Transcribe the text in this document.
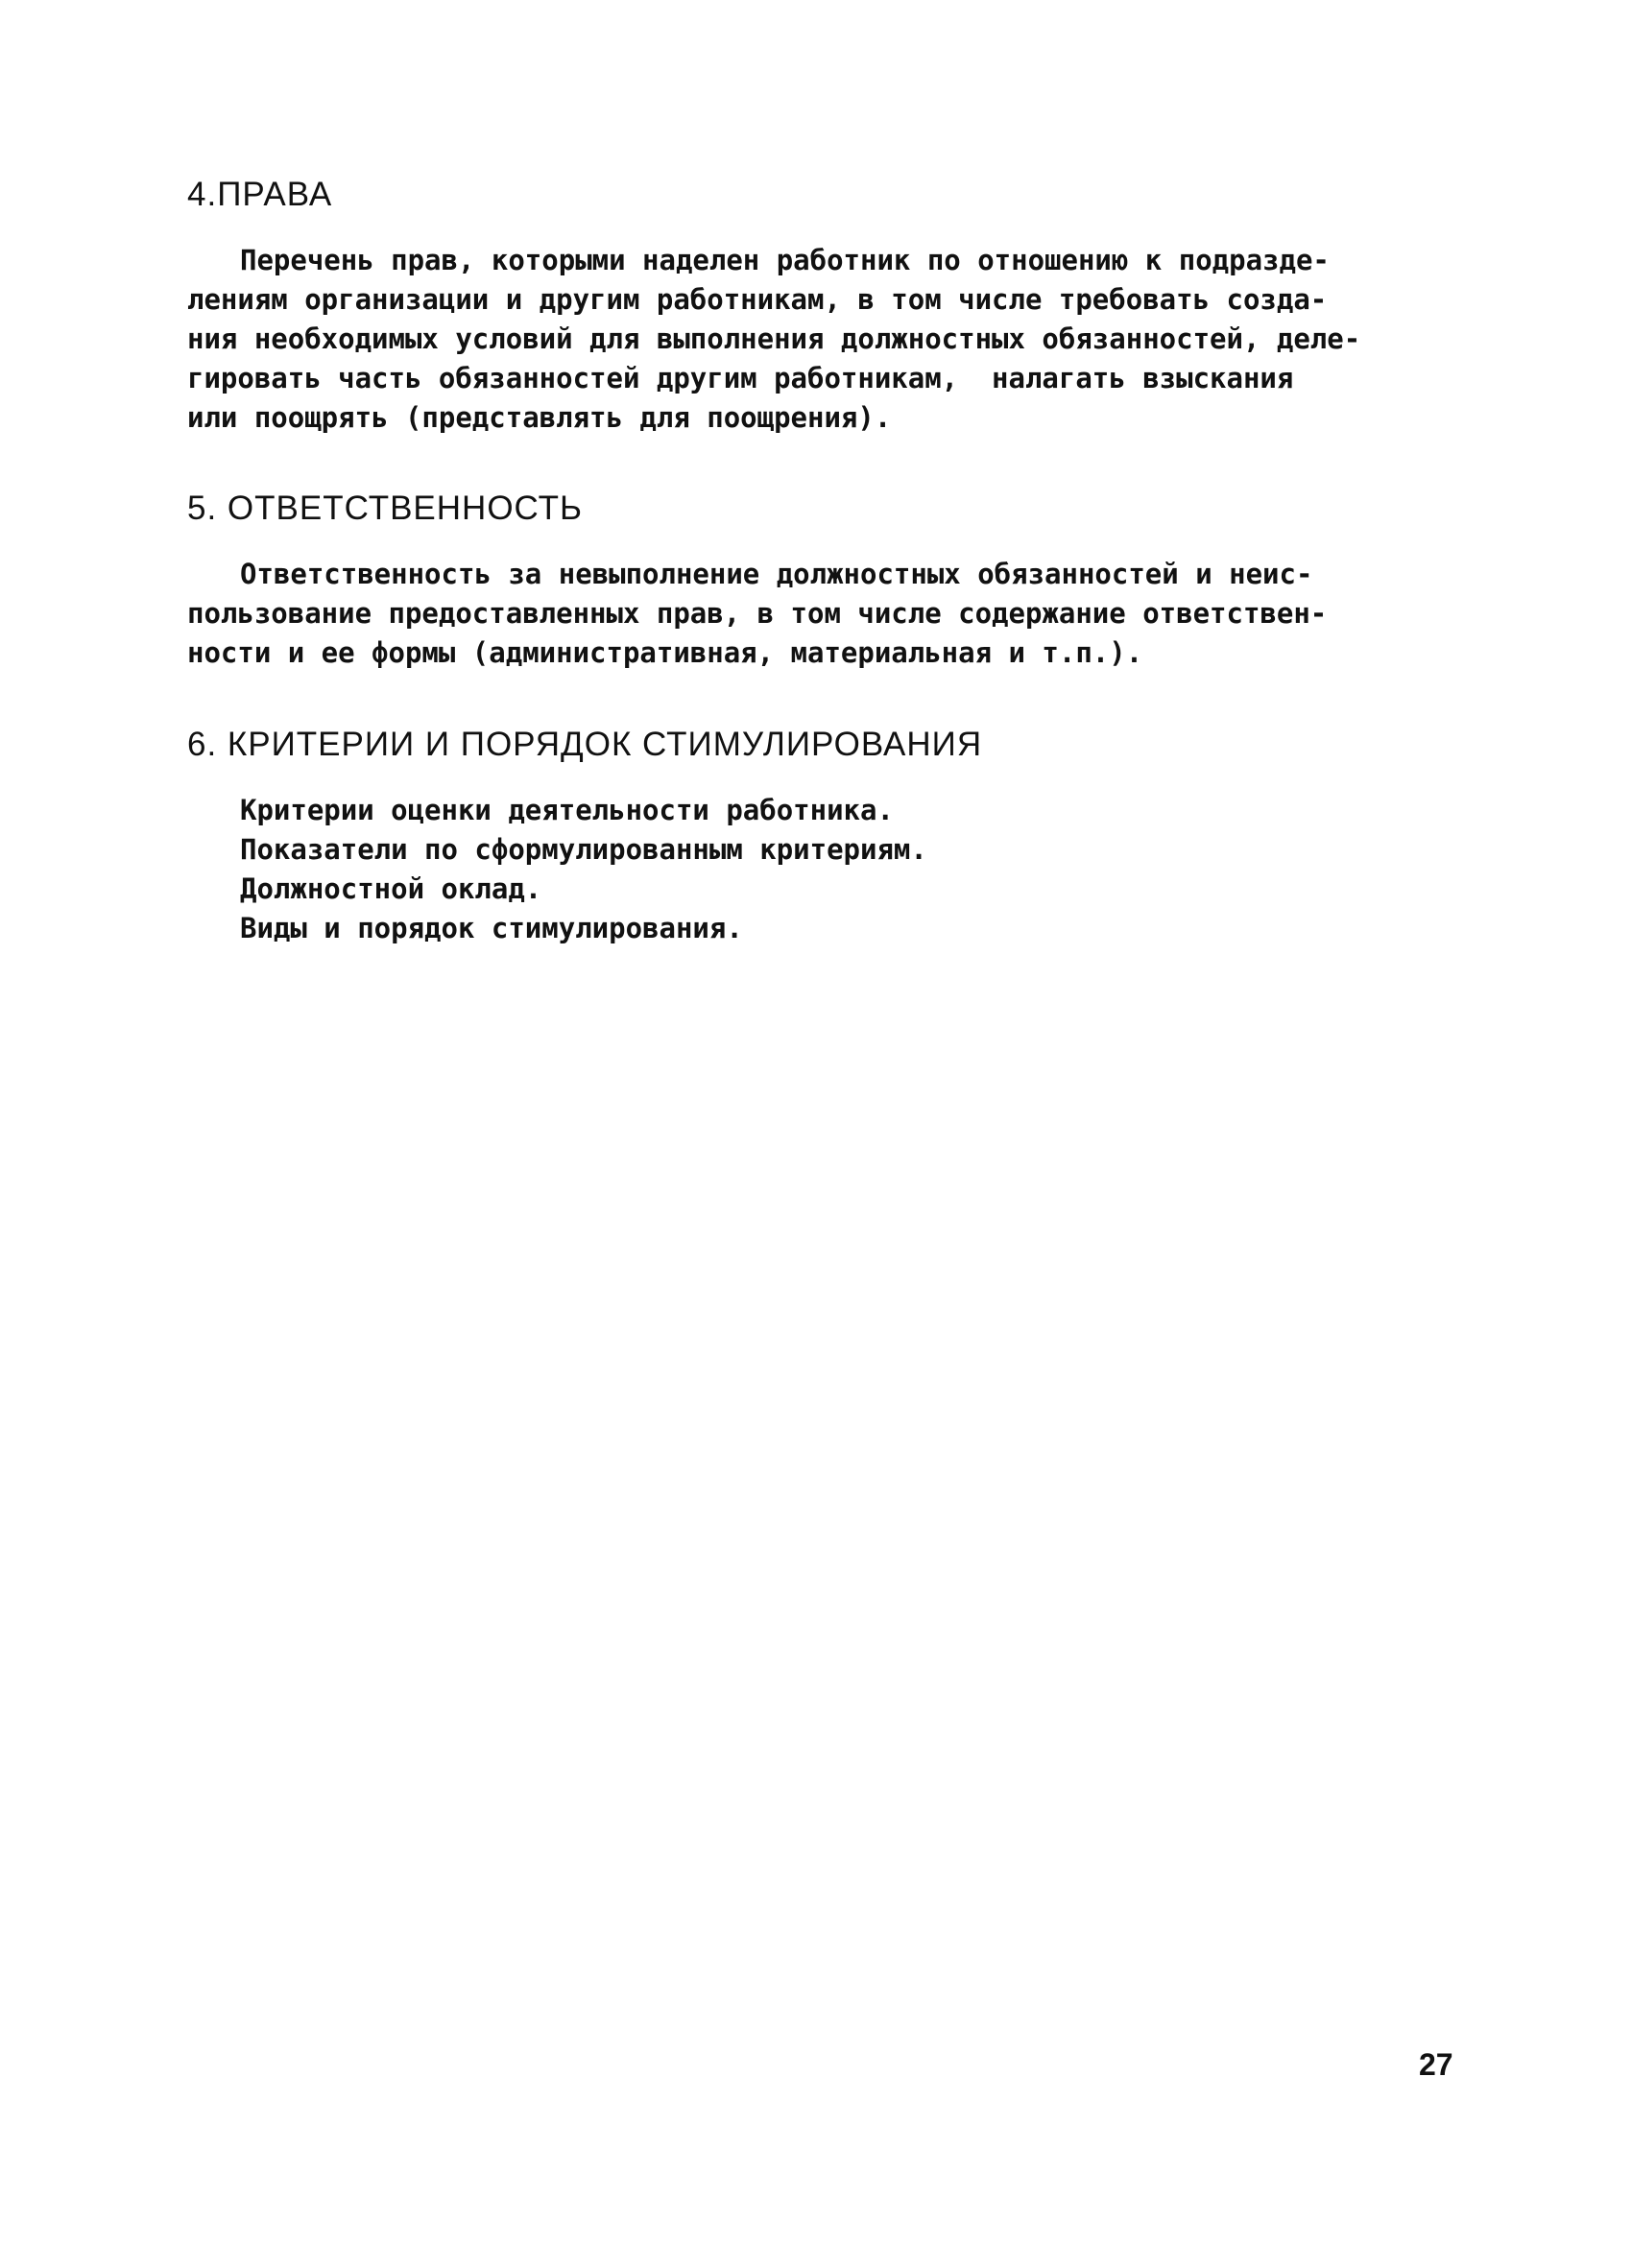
4.ПРАВА

Перечень прав, которыми наделен работник по отношению к подразде-

лениям организации и другим работникам, в том числе требовать созда-

ния необходимых условий для выполнения должностных обязанностей, деле-

гировать часть обязанностей другим работникам,  налагать взыскания

или поощрять (представлять для поощрения).

5. ОТВЕТСТВЕННОСТЬ

Ответственность за невыполнение должностных обязанностей и неис-

пользование предоставленных прав, в том числе содержание ответствен-

ности и ее формы (административная, материальная и т.п.).

6. КРИТЕРИИ И ПОРЯДОК СТИМУЛИРОВАНИЯ

Критерии оценки деятельности работника.

Показатели по сформулированным критериям.

Должностной оклад.

Виды и порядок стимулирования.

27
